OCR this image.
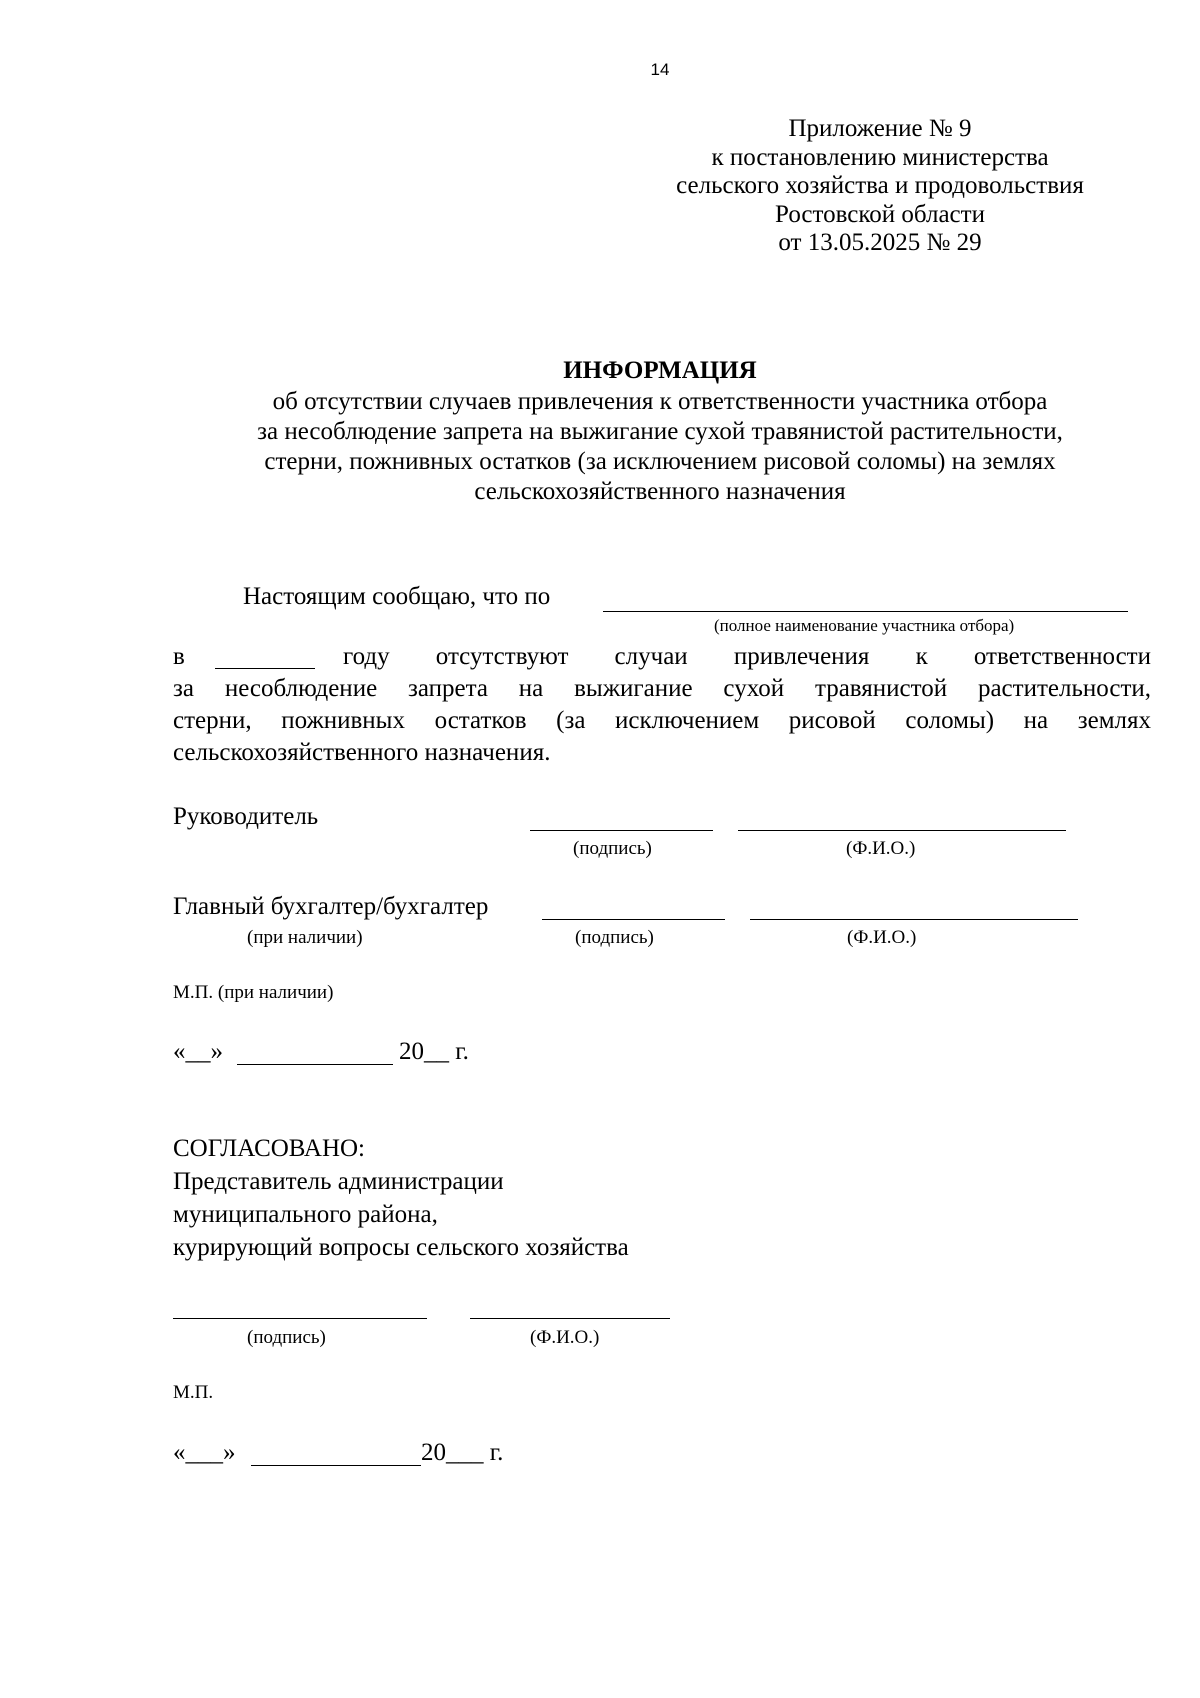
14
Приложение № 9
к постановлению министерства
сельского хозяйства и продовольствия
Ростовской области
от 13.05.2025 № 29
ИНФОРМАЦИЯ
об отсутствии случаев привлечения к ответственности участника отбора
за несоблюдение запрета на выжигание сухой травянистой растительности,
стерни, пожнивных остатков (за исключением рисовой соломы) на землях
сельскохозяйственного назначения
Настоящим сообщаю, что по
(полное наименование участника отбора)
в	году отсутствуют случаи привлечения к ответственности
за несоблюдение запрета на выжигание сухой травянистой растительности,
стерни, пожнивных остатков (за исключением рисовой соломы) на землях
сельскохозяйственного назначения.
Руководитель
(подпись)	(Ф.И.О.)
Главный бухгалтер/бухгалтер
(при наличии)	(подпись)	(Ф.И.О.)
М.П. (при наличии)
«__»	20__ г.
СОГЛАСОВАНО:
Представитель администрации
муниципального района,
курирующий вопросы сельского хозяйства
(подпись)	(Ф.И.О.)
М.П.
«___»	20___ г.
